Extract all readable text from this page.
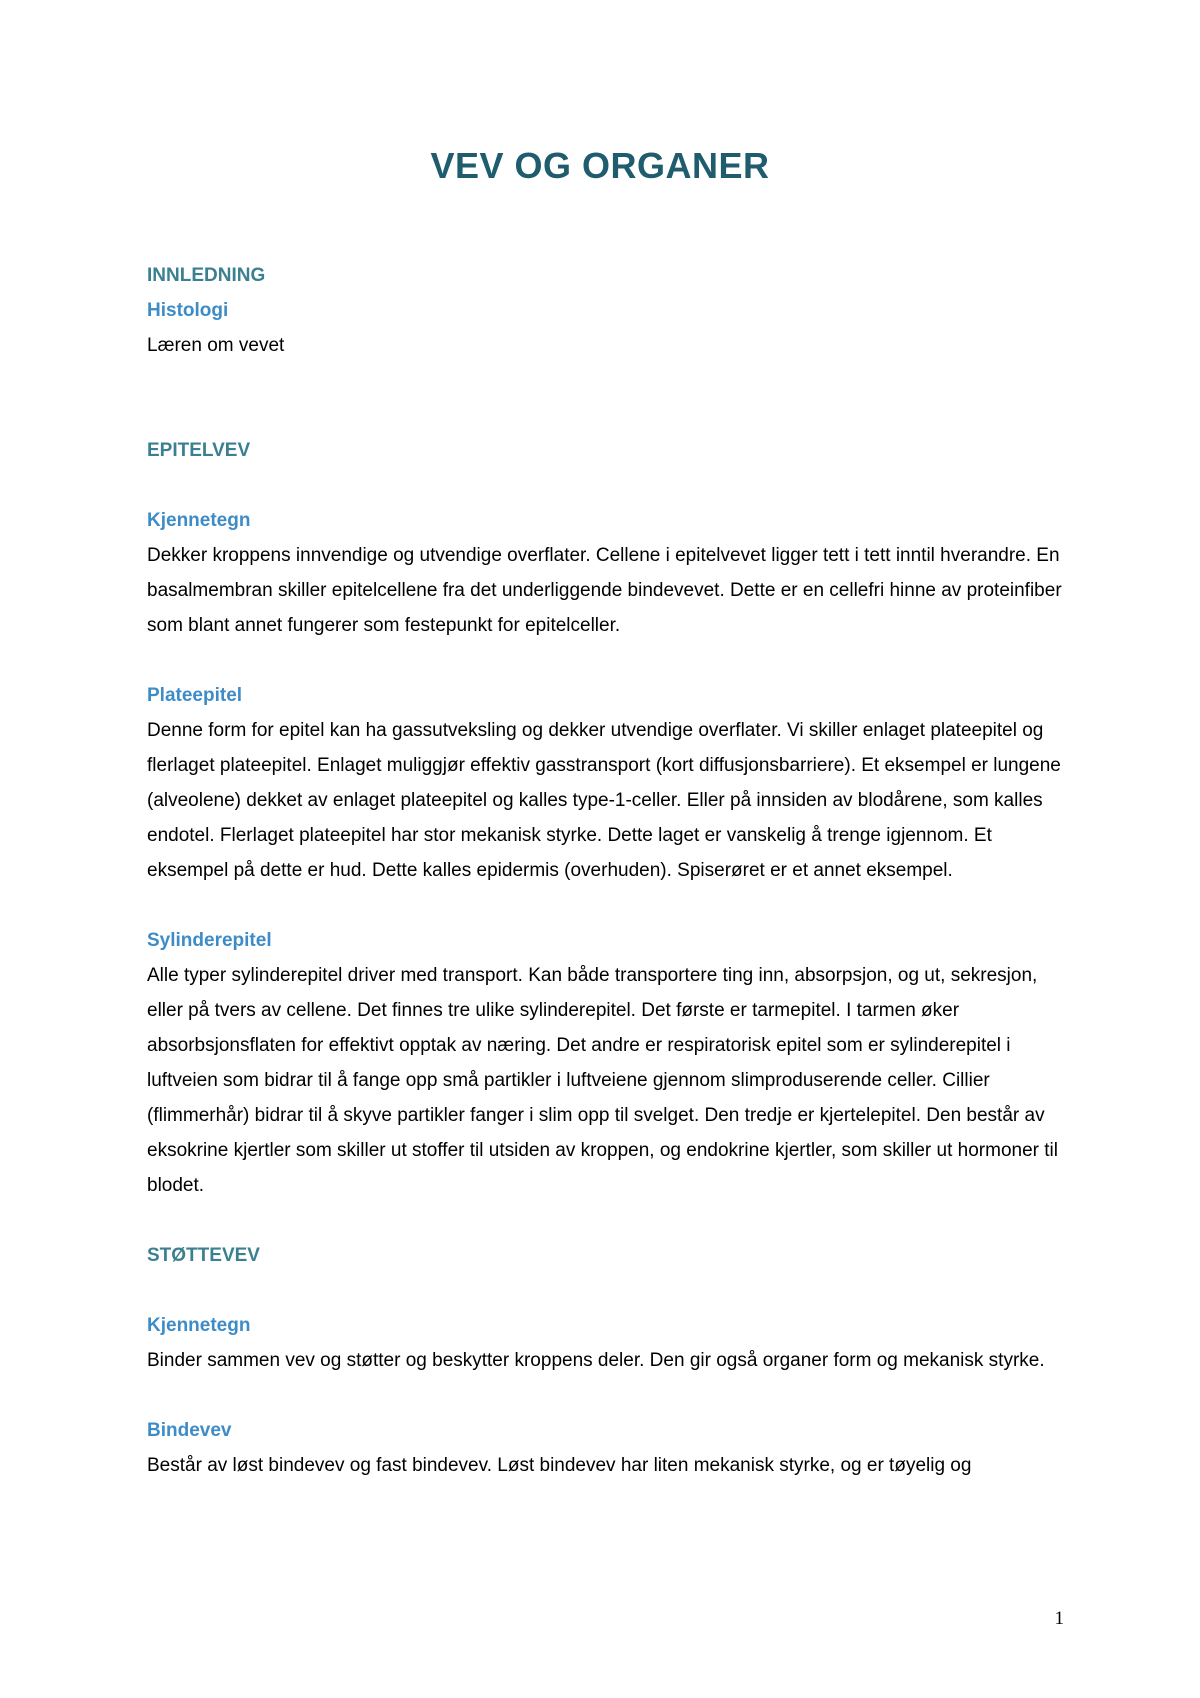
VEV OG ORGANER

INNLEDNING

Histologi

Læren om vevet

EPITELVEV

Kjennetegn

Dekker kroppens innvendige og utvendige overflater. Cellene i epitelvevet ligger tett i tett inntil hverandre. En basalmembran skiller epitelcellene fra det underliggende bindevevet. Dette er en cellefri hinne av proteinfiber som blant annet fungerer som festepunkt for epitelceller.

Plateepitel

Denne form for epitel kan ha gassutveksling og dekker utvendige overflater. Vi skiller enlaget plateepitel og flerlaget plateepitel. Enlaget muliggjør effektiv gasstransport (kort diffusjonsbarriere). Et eksempel er lungene (alveolene) dekket av enlaget plateepitel og kalles type-1-celler. Eller på innsiden av blodårene, som kalles endotel. Flerlaget plateepitel har stor mekanisk styrke. Dette laget er vanskelig å trenge igjennom. Et eksempel på dette er hud. Dette kalles epidermis (overhuden). Spiserøret er et annet eksempel.

Sylinderepitel

Alle typer sylinderepitel driver med transport. Kan både transportere ting inn, absorpsjon, og ut, sekresjon, eller på tvers av cellene. Det finnes tre ulike sylinderepitel. Det første er tarmepitel. I tarmen øker absorbsjonsflaten for effektivt opptak av næring. Det andre er respiratorisk epitel som er sylinderepitel i luftveien som bidrar til å fange opp små partikler i luftveiene gjennom slimproduserende celler. Cillier (flimmerhår) bidrar til å skyve partikler fanger i slim opp til svelget. Den tredje er kjertelepitel. Den består av eksokrine kjertler som skiller ut stoffer til utsiden av kroppen, og endokrine kjertler, som skiller ut hormoner til blodet.

STØTTEVEV

Kjennetegn

Binder sammen vev og støtter og beskytter kroppens deler. Den gir også organer form og mekanisk styrke.

Bindevev

Består av løst bindevev og fast bindevev. Løst bindevev har liten mekanisk styrke, og er tøyelig og

1
